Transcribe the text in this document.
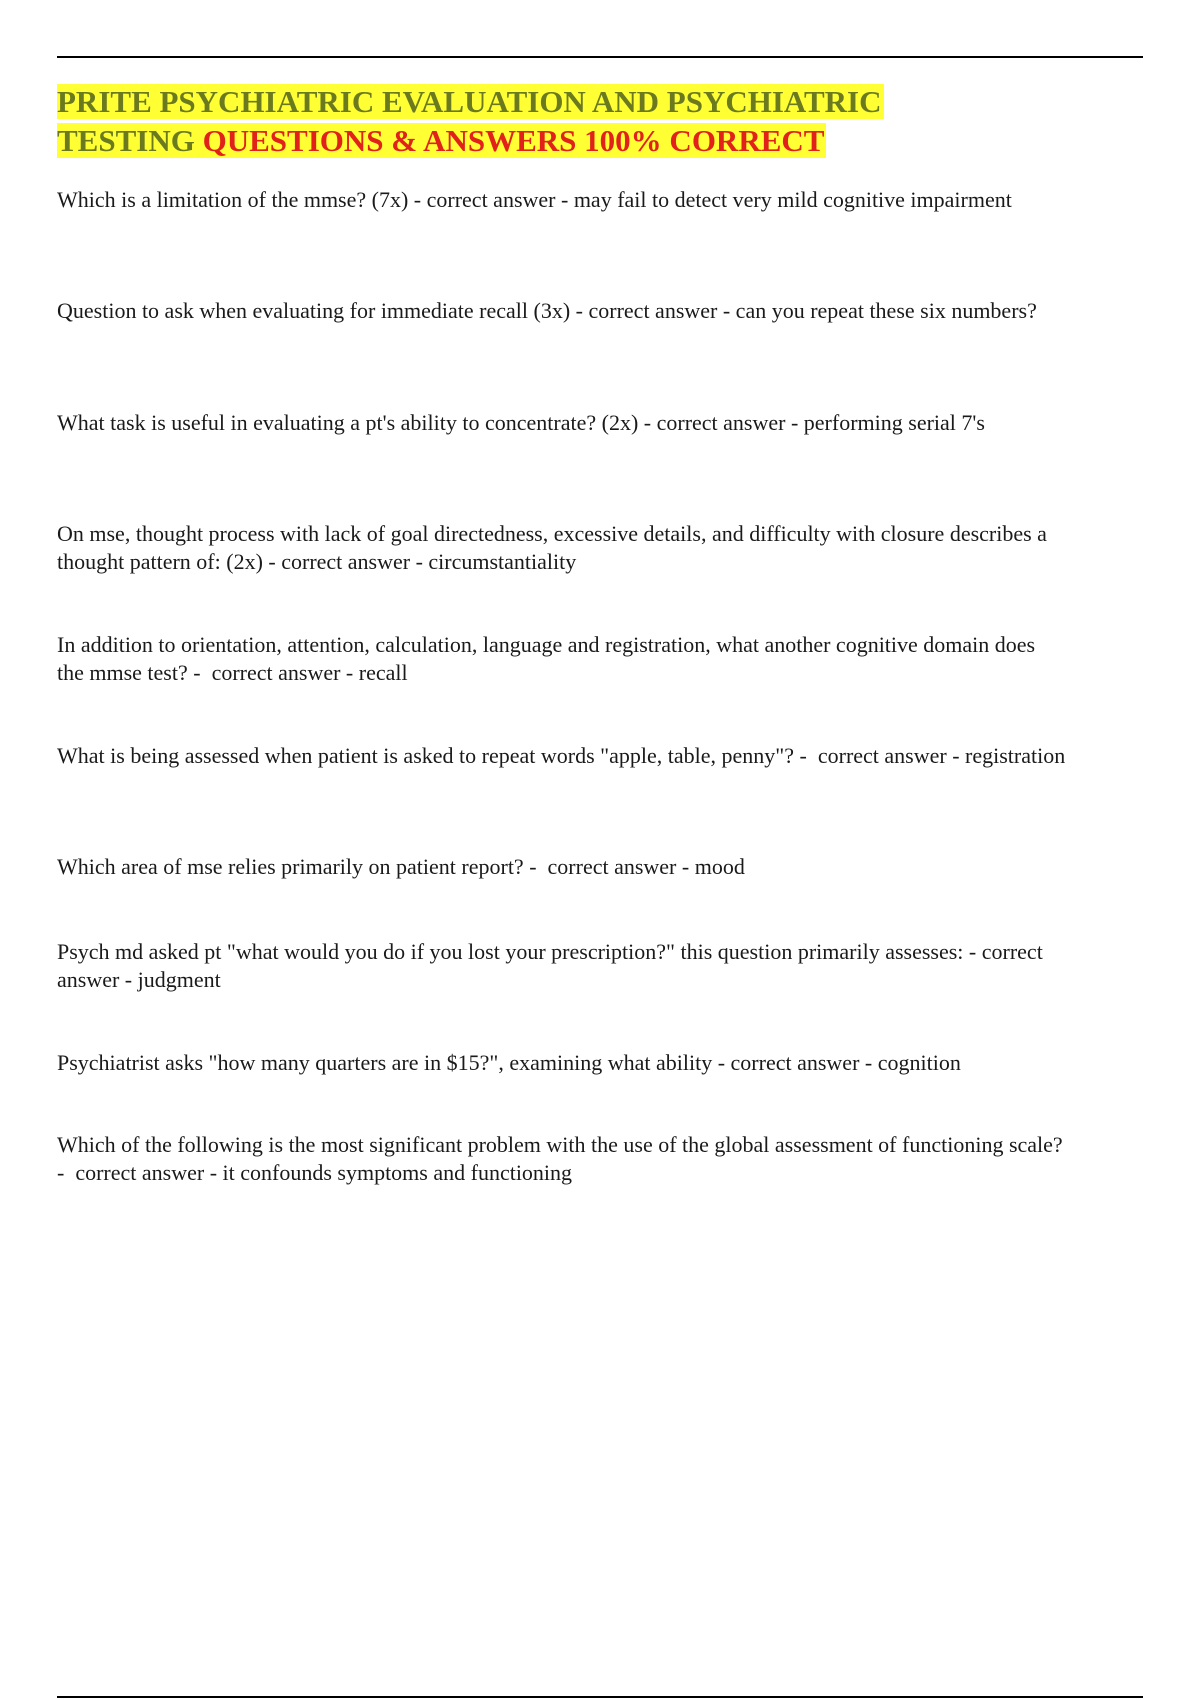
PRITE PSYCHIATRIC EVALUATION AND PSYCHIATRIC
TESTING QUESTIONS & ANSWERS 100% CORRECT

Which is a limitation of the mmse? (7x) - correct answer - may fail to detect very mild cognitive impairment

Question to ask when evaluating for immediate recall (3x) - correct answer - can you repeat these six numbers?

What task is useful in evaluating a pt's ability to concentrate? (2x) - correct answer - performing serial 7's

On mse, thought process with lack of goal directedness, excessive details, and difficulty with closure describes a thought pattern of: (2x) - correct answer - circumstantiality

In addition to orientation, attention, calculation, language and registration, what another cognitive domain does the mmse test? -  correct answer - recall

What is being assessed when patient is asked to repeat words "apple, table, penny"? -  correct answer - registration

Which area of mse relies primarily on patient report? -  correct answer - mood

Psych md asked pt "what would you do if you lost your prescription?" this question primarily assesses: - correct answer - judgment

Psychiatrist asks "how many quarters are in $15?", examining what ability - correct answer - cognition

Which of the following is the most significant problem with the use of the global assessment of functioning scale? -  correct answer - it confounds symptoms and functioning
